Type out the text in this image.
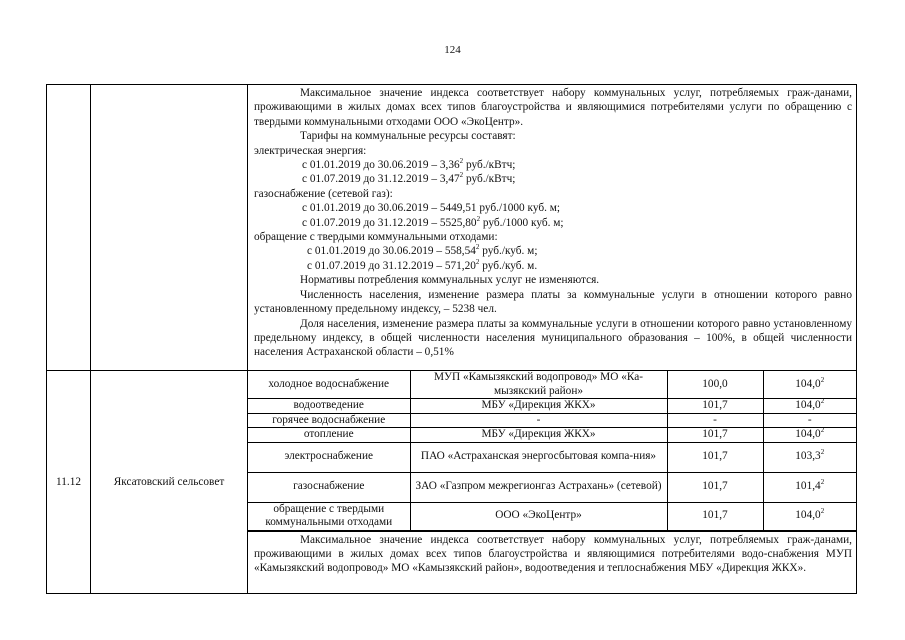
124

Максимальное значение индекса соответствует набору коммунальных услуг, потребляемых граж-данами, проживающими в жилых домах всех типов благоустройства и являющимися потребителями услуги по обращению с твердыми коммунальными отходами ООО «ЭкоЦентр».

Тарифы на коммунальные ресурсы составят:

электрическая энергия:

с 01.01.2019 до 30.06.2019 – 3,36$^2$ руб./кВтч;

с 01.07.2019 до 31.12.2019 – 3,47$^2$ руб./кВтч;

газоснабжение (сетевой газ):

с 01.01.2019 до 30.06.2019 – 5449,51 руб./1000 куб. м;

с 01.07.2019 до 31.12.2019 – 5525,80$^2$ руб./1000 куб. м;

обращение с твердыми коммунальными отходами:

с 01.01.2019 до 30.06.2019 – 558,54$^2$ руб./куб. м;

с 01.07.2019 до 31.12.2019 – 571,20$^2$ руб./куб. м.

Нормативы потребления коммунальных услуг не изменяются.

Численность населения, изменение размера платы за коммунальные услуги в отношении которого равно установленному предельному индексу, – 5238 чел.

Доля населения, изменение размера платы за коммунальные услуги в отношении которого равно установленному предельному индексу, в общей численности населения муниципального образования – 100%, в общей численности населения Астраханской области – 0,51%

11.12	Яксатовский сельсовет	
холодное водоснабжение	МУП «Камызякский водопровод» МО «Ка-мызякский район»	100,0	104,0$^2$
водоотведение	МБУ «Дирекция ЖКХ»	101,7	104,0$^2$
горячее водоснабжение	-	-	-
отопление	МБУ «Дирекция ЖКХ»	101,7	104,0$^2$
электроснабжение	ПАО «Астраханская энергосбытовая компа-ния»	101,7	103,3$^2$
газоснабжение	ЗАО «Газпром межрегионгаз Астрахань» (сетевой)	101,7	101,4$^2$
обращение с твердыми коммунальными отходами	ООО «ЭкоЦентр»	101,7	104,0$^2$

Максимальное значение индекса соответствует набору коммунальных услуг, потребляемых граж-данами, проживающими в жилых домах всех типов благоустройства и являющимися потребителями водо-снабжения МУП «Камызякский водопровод» МО «Камызякский район», водоотведения и теплоснабжения МБУ «Дирекция ЖКХ».
